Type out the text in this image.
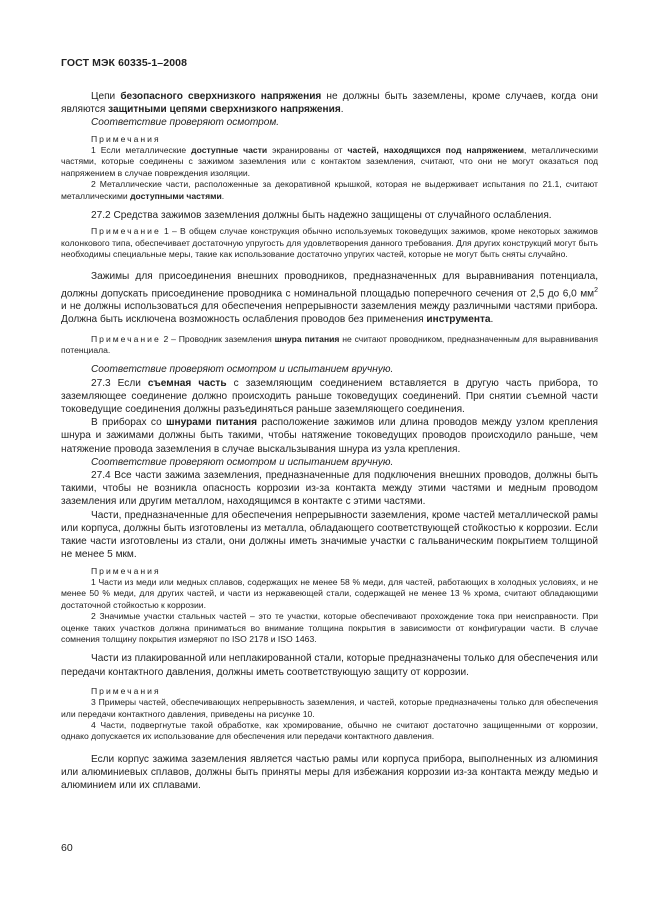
ГОСТ МЭК 60335-1–2008

Цепи безопасного сверхнизкого напряжения не должны быть заземлены, кроме случаев, когда они являются защитными цепями сверхнизкого напряжения.

Соответствие проверяют осмотром.

Примечания

1 Если металлические доступные части экранированы от частей, находящихся под напряжением, металлическими частями, которые соединены с зажимом заземления или с контактом заземления, считают, что они не могут оказаться под напряжением в случае повреждения изоляции.

2 Металлические части, расположенные за декоративной крышкой, которая не выдерживает испытания по 21.1, считают металлическими доступными частями.

27.2 Средства зажимов заземления должны быть надежно защищены от случайного ослабления.

Примечание 1 – В общем случае конструкция обычно используемых токоведущих зажимов, кроме некоторых зажимов колонкового типа, обеспечивает достаточную упругость для удовлетворения данного требования. Для других конструкций могут быть необходимы специальные меры, такие как использование достаточно упругих частей, которые не могут быть сняты случайно.

Зажимы для присоединения внешних проводников, предназначенных для выравнивания потенциала, должны допускать присоединение проводника с номинальной площадью поперечного сечения от 2,5 до 6,0 $мм^2$ и не должны использоваться для обеспечения непрерывности заземления между различными частями прибора. Должна быть исключена возможность ослабления проводов без применения инструмента.

Примечание 2 – Проводник заземления шнура питания не считают проводником, предназначенным для выравнивания потенциала.

Соответствие проверяют осмотром и испытанием вручную.

27.3 Если съемная часть с заземляющим соединением вставляется в другую часть прибора, то заземляющее соединение должно происходить раньше токоведущих соединений. При снятии съемной части токоведущие соединения должны разъединяться раньше заземляющего соединения.

В приборах со шнурами питания расположение зажимов или длина проводов между узлом крепления шнура и зажимами должны быть такими, чтобы натяжение токоведущих проводов происходило раньше, чем натяжение провода заземления в случае выскальзывания шнура из узла крепления.

Соответствие проверяют осмотром и испытанием вручную.

27.4 Все части зажима заземления, предназначенные для подключения внешних проводов, должны быть такими, чтобы не возникла опасность коррозии из-за контакта между этими частями и медным проводом заземления или другим металлом, находящимся в контакте с этими частями.

Части, предназначенные для обеспечения непрерывности заземления, кроме частей металлической рамы или корпуса, должны быть изготовлены из металла, обладающего соответствующей стойкостью к коррозии. Если такие части изготовлены из стали, они должны иметь значимые участки с гальваническим покрытием толщиной не менее 5 мкм.

Примечания

1 Части из меди или медных сплавов, содержащих не менее 58 % меди, для частей, работающих в холодных условиях, и не менее 50 % меди, для других частей, и части из нержавеющей стали, содержащей не менее 13 % хрома, считают обладающими достаточной стойкостью к коррозии.

2 Значимые участки стальных частей – это те участки, которые обеспечивают прохождение тока при неисправности. При оценке таких участков должна приниматься во внимание толщина покрытия в зависимости от конфигурации части. В случае сомнения толщину покрытия измеряют по ISO 2178 и ISO 1463.

Части из плакированной или неплакированной стали, которые предназначены только для обеспечения или передачи контактного давления, должны иметь соответствующую защиту от коррозии.

Примечания

3 Примеры частей, обеспечивающих непрерывность заземления, и частей, которые предназначены только для обеспечения или передачи контактного давления, приведены на рисунке 10.

4 Части, подвергнутые такой обработке, как хромирование, обычно не считают достаточно защищенными от коррозии, однако допускается их использование для обеспечения или передачи контактного давления.

Если корпус зажима заземления является частью рамы или корпуса прибора, выполненных из алюминия или алюминиевых сплавов, должны быть приняты меры для избежания коррозии из-за контакта между медью и алюминием или их сплавами.

60
